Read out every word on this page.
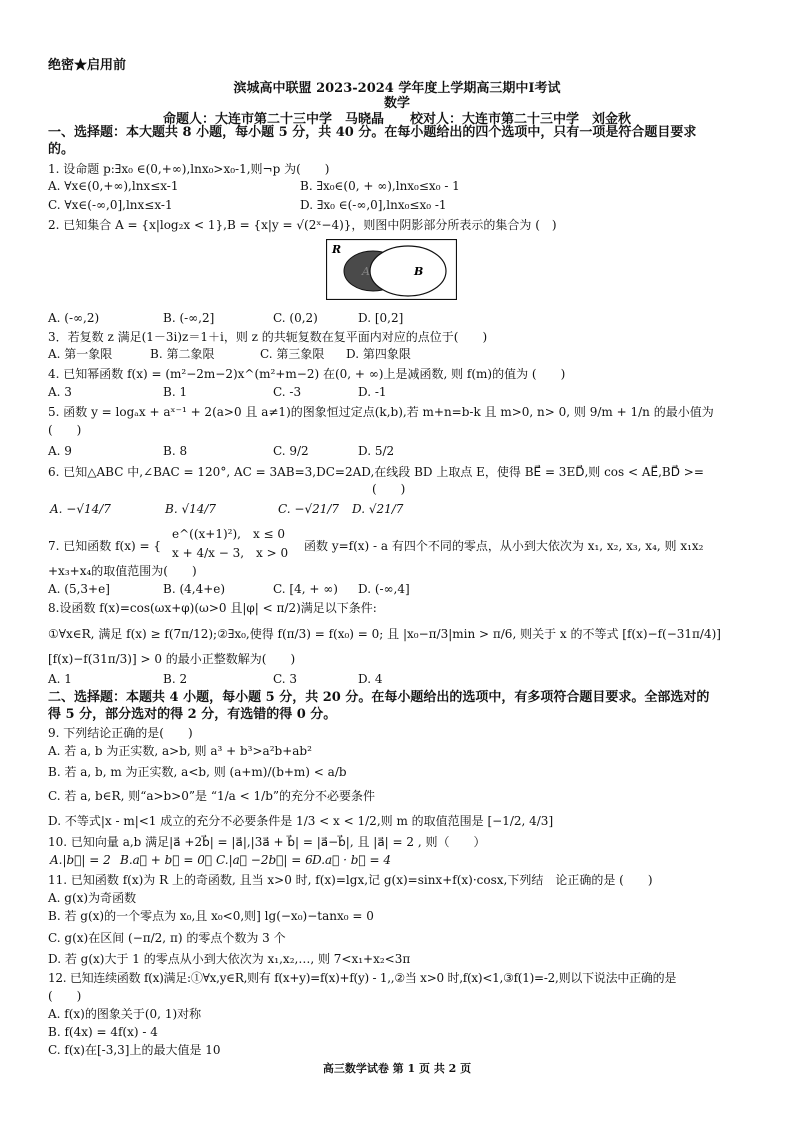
绝密★启用前
滨城高中联盟 2023-2024 学年度上学期高三期中I考试
数学
命题人：大连市第二十三中学　马晓晶　　校对人：大连市第二十三中学　刘金秋
一、选择题：本大题共 8 小题，每小题 5 分，共 40 分。在每小题给出的四个选项中，只有一项是符合题目要求
的。
1. 设命题 p:∃x₀ ∈(0,+∞),lnx₀>x₀-1,则¬p 为(　　)
A. ∀x∈(0,+∞),lnx≤x-1	B. ∃x₀∈(0, + ∞),lnx₀≤x₀ - 1
C. ∀x∈(-∞,0],lnx≤x-1	D. ∃x₀ ∈(-∞,0],lnx₀≤x₀ -1
2. 已知集合 A = {x|log₂x < 1},B = {x|y = √(2ˣ−4)}，则图中阴影部分所表示的集合为 (　)
R
A	B
A. (-∞,2)	B. (-∞,2]	C. (0,2)	D. [0,2]
3．若复数 z 满足(1－3i)z＝1＋i，则 z 的共轭复数在复平面内对应的点位于(　　)
A. 第一象限	B. 第二象限	C. 第三象限 D. 第四象限
4. 已知幂函数 f(x) = (m²−2m−2)x^(m²+m−2) 在(0, + ∞)上是减函数, 则 f(m)的值为 (　　)
A. 3	B. 1	C. -3	D. -1
5. 函数 y = logₐx + aˣ⁻¹ + 2(a>0 且 a≠1)的图象恒过定点(k,b),若 m+n=b-k 且 m>0, n> 0, 则 9/m + 1/n 的最小值为
(　　)
A. 9	B. 8	C. 9/2	D. 5/2
6. 已知△ABC 中,∠BAC = 120°, AC = 3AB=3,DC=2AD,在线段 BD 上取点 E，使得 BE⃗ = 3ED⃗,则 cos < AE⃗,BD⃗ >=
(　　)
A. −√14/7	B. √14/7	C. −√21/7 D. √21/7
7. 已知函数 f(x) = {
e^((x+1)²),　x ≤ 0
x + 4/x − 3,　x > 0 函数 y=f(x) - a 有四个不同的零点，从小到大依次为 x₁, x₂, x₃, x₄, 则 x₁x₂
+x₃+x₄的取值范围为(　　)
A. (5,3+e]	B. (4,4+e)	C. [4, + ∞) D. (-∞,4]
8.设函数 f(x)=cos(ωx+φ)(ω>0 且|φ| < π/2)满足以下条件:
①∀x∈R, 满足 f(x) ≥ f(7π/12);②∃x₀,使得 f(π/3) = f(x₀) = 0; 且 |x₀−π/3|min > π/6, 则关于 x 的不等式 [f(x)−f(−31π/4)]
[f(x)−f(31π/3)] > 0 的最小正整数解为(　　)
A. 1	B. 2	C. 3	D. 4
二、选择题：本题共 4 小题，每小题 5 分，共 20 分。在每小题给出的选项中，有多项符合题目要求。全部选对的
得 5 分，部分选对的得 2 分，有选错的得 0 分。
9. 下列结论正确的是(　　)
A. 若 a, b 为正实数, a>b, 则 a³ + b³>a²b+ab²
B. 若 a, b, m 为正实数, a<b, 则 (a+m)/(b+m) < a/b
C. 若 a, b∈R, 则“a>b>0”是 “1/a < 1/b”的充分不必要条件
D. 不等式|x - m|<1 成立的充分不必要条件是 1/3 < x < 1/2,则 m 的取值范围是 [−1/2, 4/3]
10. 已知向量 a,b 满足|a⃗ +2b⃗| = |a⃗|,|3a⃗ + b⃗| = |a⃗−b⃗|, 且 |a⃗| = 2 , 则（　　）
A.|b⃗| = 2 B.a⃗ + b⃗ = 0⃗ C.|a⃗ −2b⃗| = 6 D.a⃗ · b⃗ = 4
11. 已知函数 f(x)为 R 上的奇函数, 且当 x>0 时, f(x)=lgx,记 g(x)=sinx+f(x)·cosx,下列结　论正确的是 (　　)
A. g(x)为奇函数
B. 若 g(x)的一个零点为 x₀,且 x₀<0,则] lg(−x₀)−tanx₀ = 0
C. g(x)在区间 (−π/2, π) 的零点个数为 3 个
D. 若 g(x)大于 1 的零点从小到大依次为 x₁,x₂,…, 则 7<x₁+x₂<3π
12. 已知连续函数 f(x)满足:①∀x,y∈R,则有 f(x+y)=f(x)+f(y) - 1,,②当 x>0 时,f(x)<1,③f(1)=-2,则以下说法中正确的是
(　　)
A. f(x)的图象关于(0, 1)对称
B. f(4x) = 4f(x) - 4
C. f(x)在[-3,3]上的最大值是 10
高三数学试卷 第 1 页 共 2 页
